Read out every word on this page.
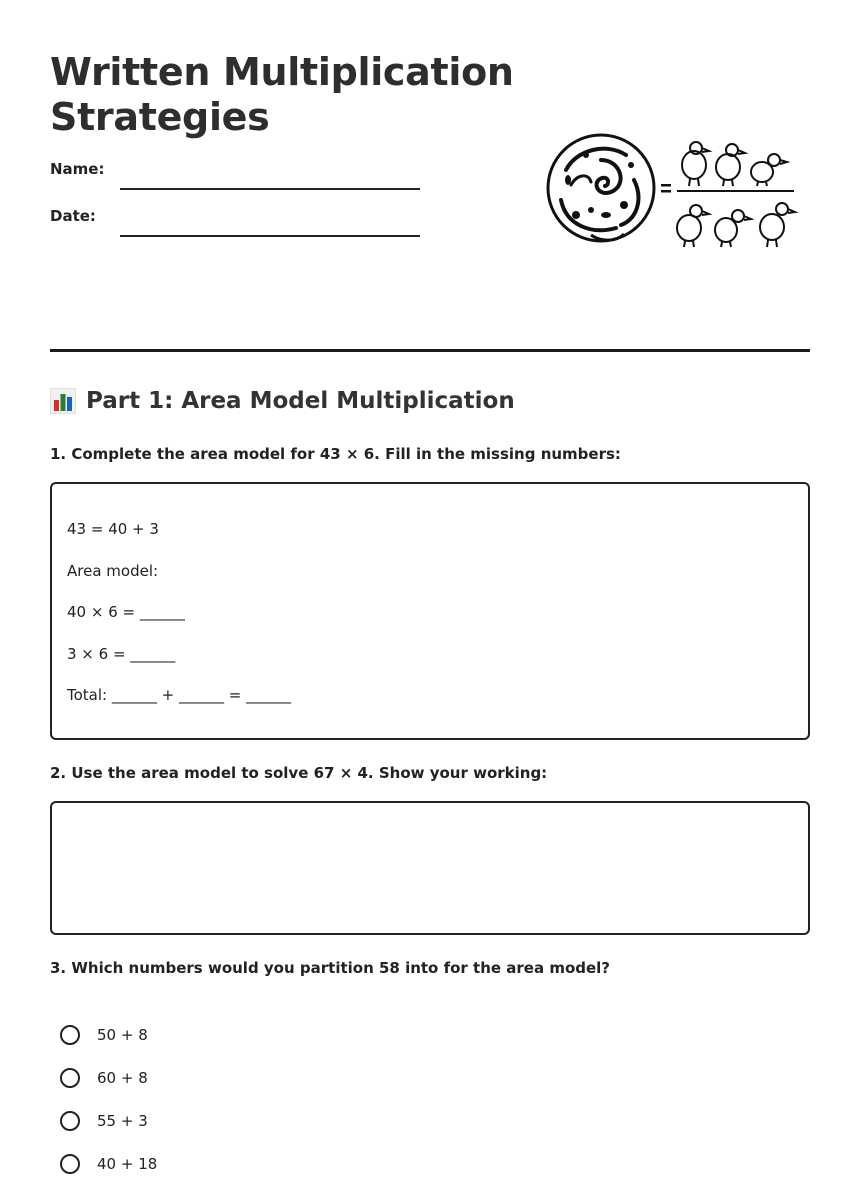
Written Multiplication Strategies
Name:
Date:
Part 1: Area Model Multiplication
1. Complete the area model for 43 × 6. Fill in the missing numbers:
43 = 40 + 3
Area model:
40 × 6 = ______
3 × 6 = ______
Total: ______ + ______ = ______
2. Use the area model to solve 67 × 4. Show your working:
3. Which numbers would you partition 58 into for the area model?
50 + 8
60 + 8
55 + 3
40 + 18
